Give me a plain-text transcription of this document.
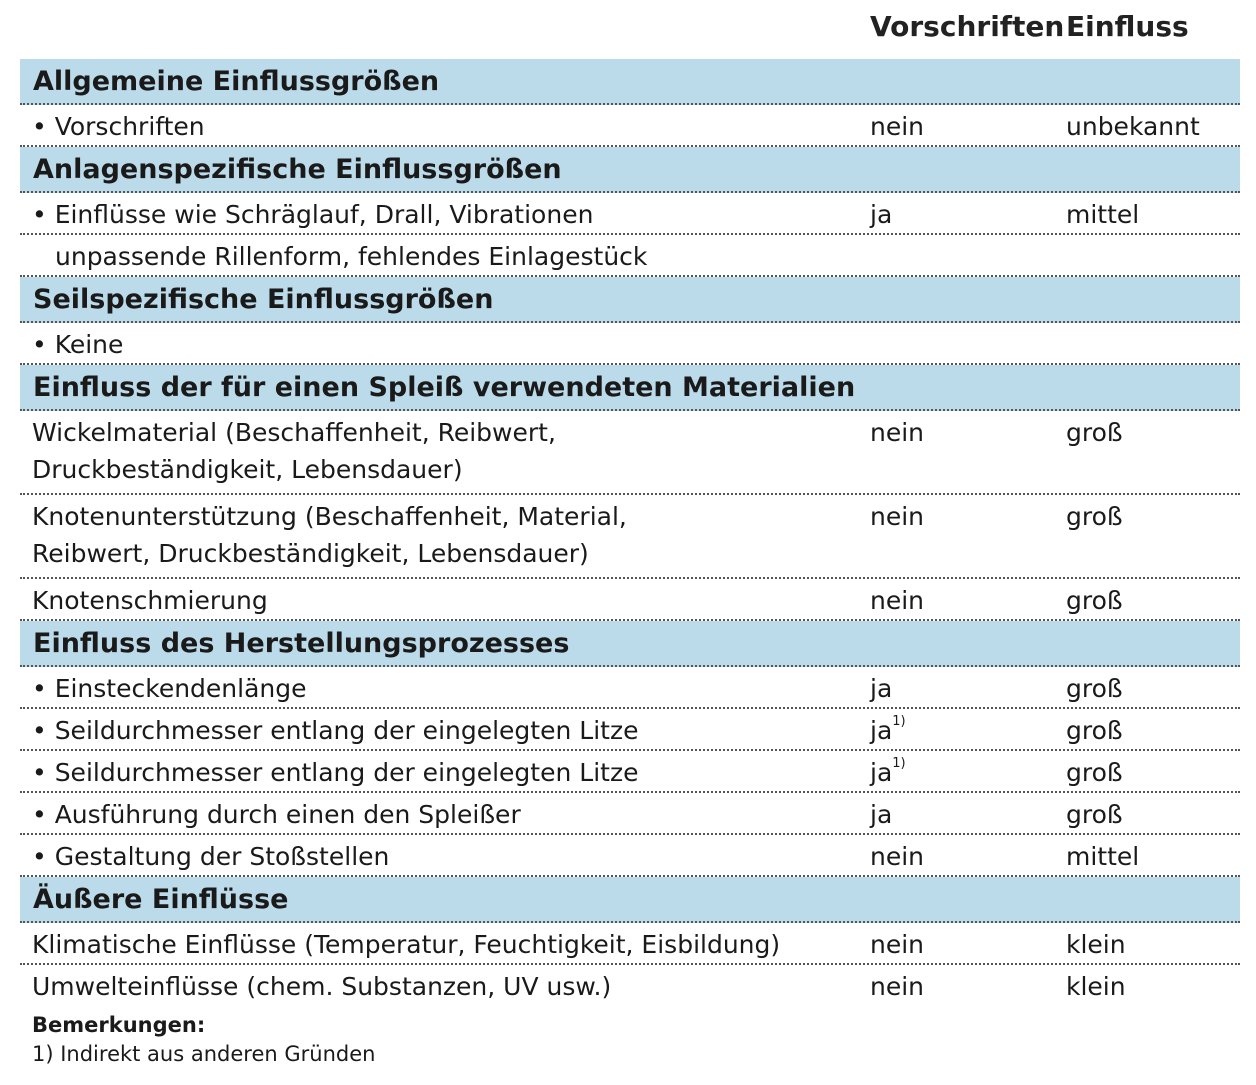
Vorschriften Einfluss
Allgemeine Einflussgrößen
• Vorschriften	nein	unbekannt
Anlagenspezifische Einflussgrößen
• Einflüsse wie Schräglauf, Drall, Vibrationen	ja	mittel
unpassende Rillenform, fehlendes Einlagestück
Seilspezifische Einflussgrößen
• Keine
Einfluss der für einen Spleiß verwendeten Materialien
Wickelmaterial (Beschaffenheit, Reibwert,
Druckbeständigkeit, Lebensdauer)
nein	groß
Knotenunterstützung (Beschaffenheit, Material,
Reibwert, Druckbeständigkeit, Lebensdauer)
nein	groß
Knotenschmierung	nein	groß
Einfluss des Herstellungsprozesses
• Einsteckendenlänge	ja	groß
• Seildurchmesser entlang der eingelegten Litze	$ja^{1)}$	groß
• Seildurchmesser entlang der eingelegten Litze	$ja^{1)}$	groß
• Ausführung durch einen den Spleißer	ja	groß
• Gestaltung der Stoßstellen	nein	mittel
Äußere Einflüsse
Klimatische Einflüsse (Temperatur, Feuchtigkeit, Eisbildung)	nein	klein
Umwelteinflüsse (chem. Substanzen, UV usw.)	nein	klein
Bemerkungen:
1) Indirekt aus anderen Gründen
